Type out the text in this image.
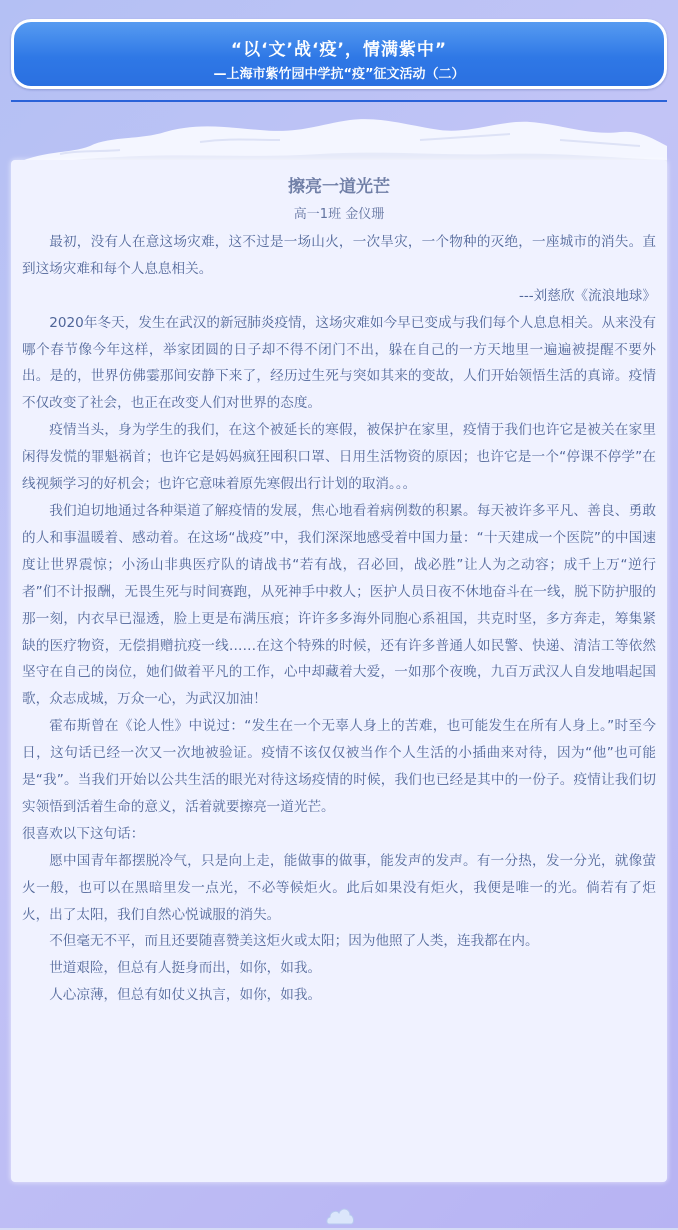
“以‘文’战‘疫’，情满紫中”
—上海市紫竹园中学抗“疫”征文活动（二）

擦亮一道光芒

高一1班 金仪珊

最初，没有人在意这场灾难，这不过是一场山火，一次旱灾，一个物种的灭绝，一座城市的消失。直到这场灾难和每个人息息相关。

---刘慈欣《流浪地球》

2020年冬天，发生在武汉的新冠肺炎疫情，这场灾难如今早已变成与我们每个人息息相关。从来没有哪个春节像今年这样，举家团圆的日子却不得不闭门不出，躲在自己的一方天地里一遍遍被提醒不要外出。是的，世界仿佛霎那间安静下来了，经历过生死与突如其来的变故，人们开始领悟生活的真谛。疫情不仅改变了社会，也正在改变人们对世界的态度。

疫情当头，身为学生的我们，在这个被延长的寒假，被保护在家里，疫情于我们也许它是被关在家里闲得发慌的罪魁祸首；也许它是妈妈疯狂囤积口罩、日用生活物资的原因；也许它是一个“停课不停学”在线视频学习的好机会；也许它意味着原先寒假出行计划的取消。。。

我们迫切地通过各种渠道了解疫情的发展，焦心地看着病例数的积累。每天被许多平凡、善良、勇敢的人和事温暖着、感动着。在这场“战疫”中，我们深深地感受着中国力量：“十天建成一个医院”的中国速度让世界震惊；小汤山非典医疗队的请战书“若有战，召必回，战必胜”让人为之动容；成千上万“逆行者”们不计报酬，无畏生死与时间赛跑，从死神手中救人；医护人员日夜不休地奋斗在一线，脱下防护服的那一刻，内衣早已湿透，脸上更是布满压痕；许许多多海外同胞心系祖国，共克时坚，多方奔走，筹集紧缺的医疗物资，无偿捐赠抗疫一线……在这个特殊的时候，还有许多普通人如民警、快递、清洁工等依然坚守在自己的岗位，她们做着平凡的工作，心中却藏着大爱，一如那个夜晚，九百万武汉人自发地唱起国歌，众志成城，万众一心，为武汉加油！

霍布斯曾在《论人性》中说过：“发生在一个无辜人身上的苦难，也可能发生在所有人身上。”时至今日，这句话已经一次又一次地被验证。疫情不该仅仅被当作个人生活的小插曲来对待，因为“他”也可能是“我”。当我们开始以公共生活的眼光对待这场疫情的时候，我们也已经是其中的一份子。疫情让我们切实领悟到活着生命的意义，活着就要擦亮一道光芒。

很喜欢以下这句话：

愿中国青年都摆脱冷气，只是向上走，能做事的做事，能发声的发声。有一分热，发一分光，就像萤火一般，也可以在黑暗里发一点光，不必等候炬火。此后如果没有炬火，我便是唯一的光。倘若有了炬火，出了太阳，我们自然心悦诚服的消失。

不但毫无不平，而且还要随喜赞美这炬火或太阳；因为他照了人类，连我都在内。

世道艰险，但总有人挺身而出，如你，如我。

人心凉薄，但总有如仗义执言，如你，如我。
